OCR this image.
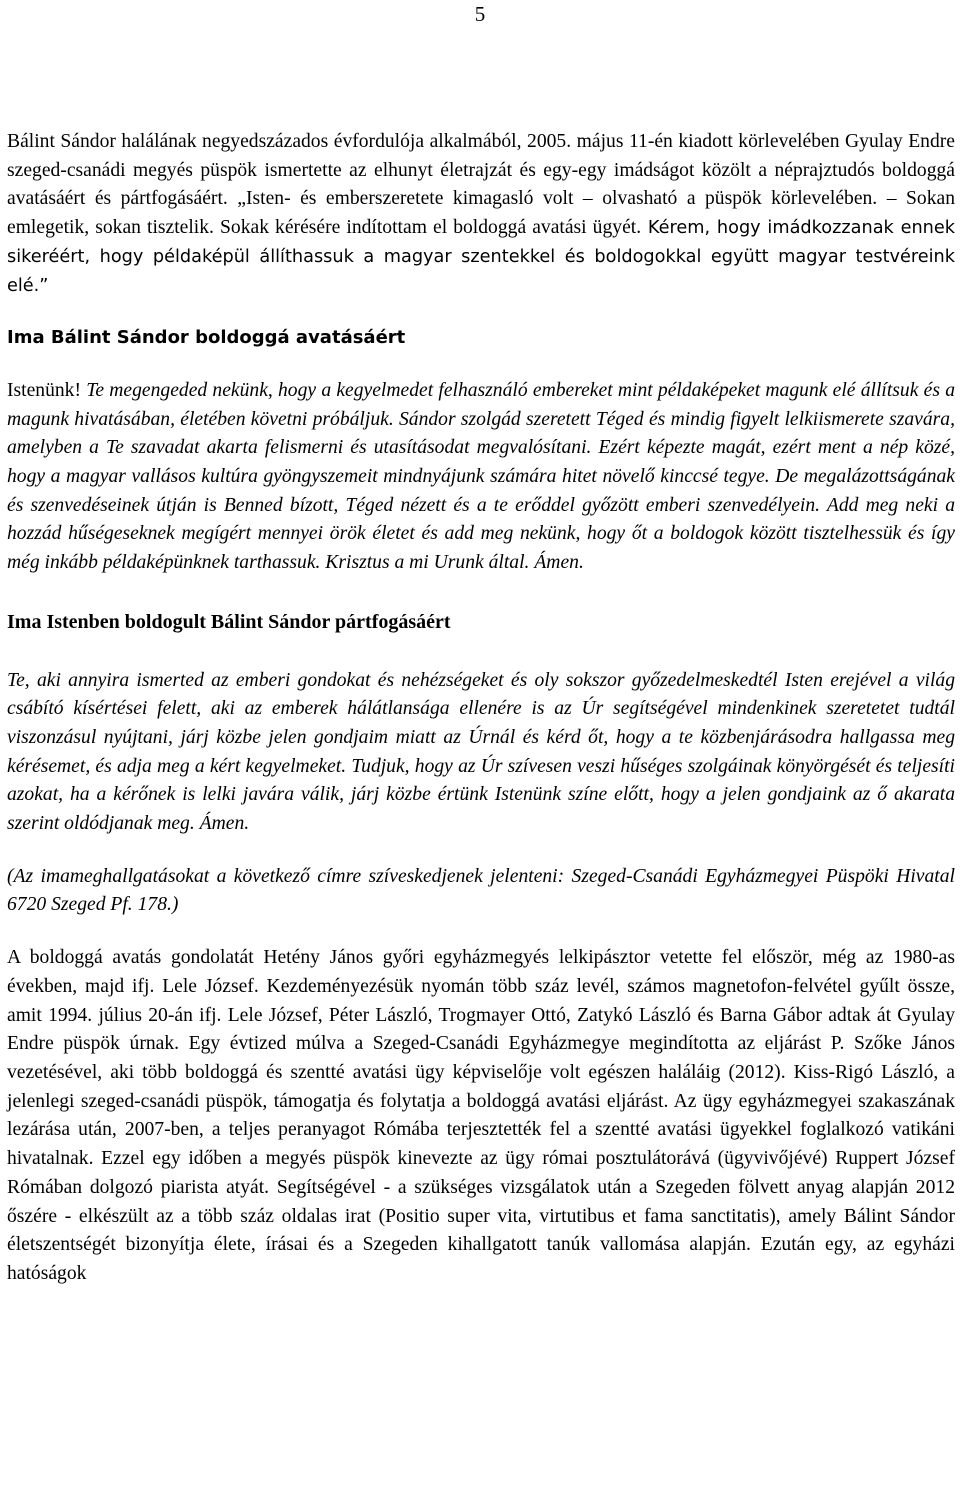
5

Bálint Sándor halálának negyedszázados évfordulója alkalmából, 2005. május 11-én kiadott körlevelében Gyulay Endre szeged-csanádi megyés püspök ismertette az elhunyt életrajzát és egy-egy imádságot közölt a néprajztudós boldoggá avatásáért és pártfogásáért. „Isten- és emberszeretete kimagasló volt – olvasható a püspök körlevelében. – Sokan emlegetik, sokan tisztelik. Sokak kérésére indítottam el boldoggá avatási ügyét. Kérem, hogy imádkozzanak ennek sikeréért, hogy példaképül állíthassuk a magyar szentekkel és boldogokkal együtt magyar testvéreink elé.”

Ima Bálint Sándor boldoggá avatásáért

Istenünk! Te megengeded nekünk, hogy a kegyelmedet felhasználó embereket mint példaképeket magunk elé állítsuk és a magunk hivatásában, életében követni próbáljuk. Sándor szolgád szeretett Téged és mindig figyelt lelkiismerete szavára, amelyben a Te szavadat akarta felismerni és utasításodat megvalósítani. Ezért képezte magát, ezért ment a nép közé, hogy a magyar vallásos kultúra gyöngyszemeit mindnyájunk számára hitet növelő kinccsé tegye. De megalázottságának és szenvedéseinek útján is Benned bízott, Téged nézett és a te erőddel győzött emberi szenvedélyein. Add meg neki a hozzád hűségeseknek megígért mennyei örök életet és add meg nekünk, hogy őt a boldogok között tisztelhessük és így még inkább példaképünknek tarthassuk. Krisztus a mi Urunk által. Ámen.

Ima Istenben boldogult Bálint Sándor pártfogásáért

Te, aki annyira ismerted az emberi gondokat és nehézségeket és oly sokszor győzedelmeskedtél Isten erejével a világ csábító kísértései felett, aki az emberek hálátlansága ellenére is az Úr segítségével mindenkinek szeretetet tudtál viszonzásul nyújtani, járj közbe jelen gondjaim miatt az Úrnál és kérd őt, hogy a te közbenjárásodra hallgassa meg kérésemet, és adja meg a kért kegyelmeket. Tudjuk, hogy az Úr szívesen veszi hűséges szolgáinak könyörgését és teljesíti azokat, ha a kérőnek is lelki javára válik, járj közbe értünk Istenünk színe előtt, hogy a jelen gondjaink az ő akarata szerint oldódjanak meg. Ámen.

(Az imameghallgatásokat a következő címre szíveskedjenek jelenteni: Szeged-Csanádi Egyházmegyei Püspöki Hivatal 6720 Szeged Pf. 178.)

A boldoggá avatás gondolatát Hetény János győri egyházmegyés lelkipásztor vetette fel először, még az 1980-as években, majd ifj. Lele József. Kezdeményezésük nyomán több száz levél, számos magnetofon-felvétel gyűlt össze, amit 1994. július 20-án ifj. Lele József, Péter László, Trogmayer Ottó, Zatykó László és Barna Gábor adtak át Gyulay Endre püspök úrnak. Egy évtized múlva a Szeged-Csanádi Egyházmegye megindította az eljárást P. Szőke János vezetésével, aki több boldoggá és szentté avatási ügy képviselője volt egészen haláláig (2012). Kiss-Rigó László, a jelenlegi szeged-csanádi püspök, támogatja és folytatja a boldoggá avatási eljárást. Az ügy egyházmegyei szakaszának lezárása után, 2007-ben, a teljes peranyagot Rómába terjesztették fel a szentté avatási ügyekkel foglalkozó vatikáni hivatalnak. Ezzel egy időben a megyés püspök kinevezte az ügy római posztulátorává (ügyvivőjévé) Ruppert József Rómában dolgozó piarista atyát. Segítségével - a szükséges vizsgálatok után a Szegeden fölvett anyag alapján 2012 őszére - elkészült az a több száz oldalas irat (Positio super vita, virtutibus et fama sanctitatis), amely Bálint Sándor életszentségét bizonyítja élete, írásai és a Szegeden kihallgatott tanúk vallomása alapján. Ezután egy, az egyházi hatóságok
